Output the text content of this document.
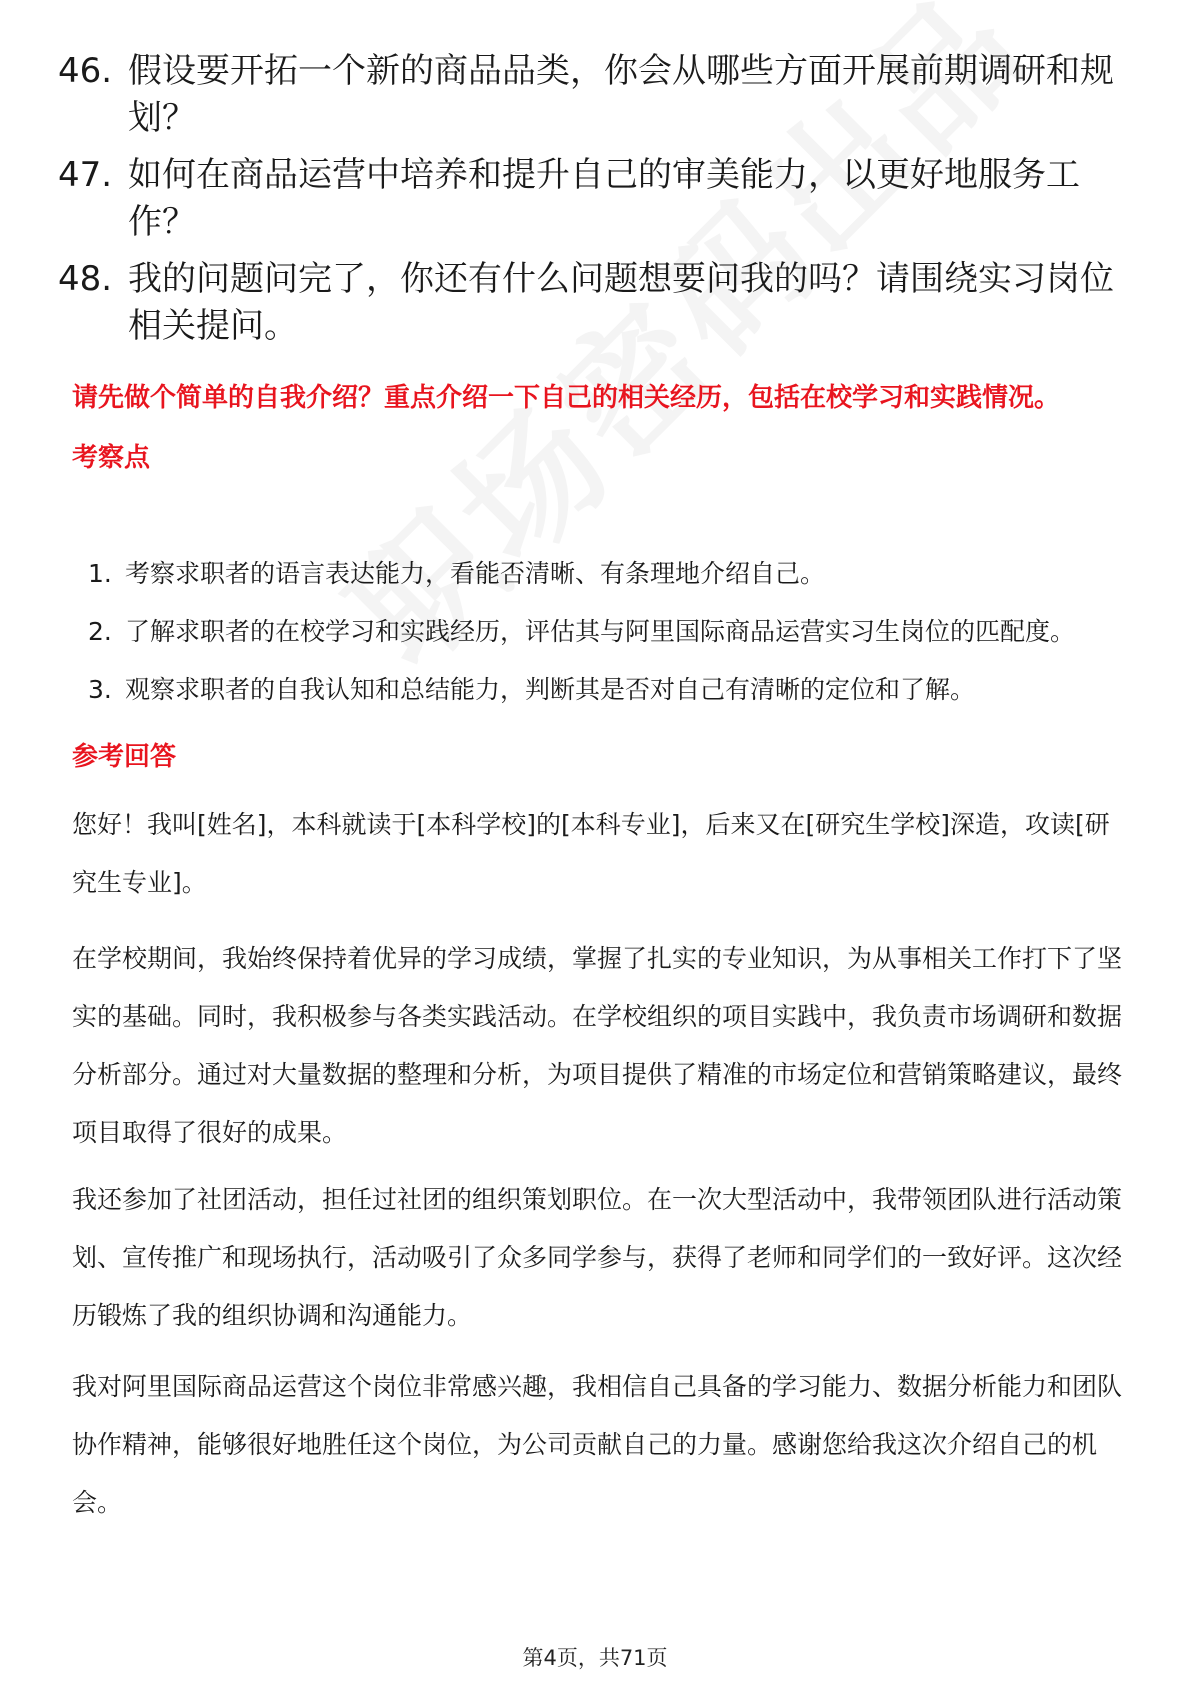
46. 假设要开拓一个新的商品品类，你会从哪些方面开展前期调研和规划？
47. 如何在商品运营中培养和提升自己的审美能力，以更好地服务工作？
48. 我的问题问完了，你还有什么问题想要问我的吗？请围绕实习岗位相关提问。
请先做个简单的自我介绍？重点介绍一下自己的相关经历，包括在校学习和实践情况。
考察点
1. 考察求职者的语言表达能力，看能否清晰、有条理地介绍自己。
2. 了解求职者的在校学习和实践经历，评估其与阿里国际商品运营实习生岗位的匹配度。
3. 观察求职者的自我认知和总结能力，判断其是否对自己有清晰的定位和了解。
参考回答
您好！我叫[姓名]，本科就读于[本科学校]的[本科专业]，后来又在[研究生学校]深造，攻读[研究生专业]。
在学校期间，我始终保持着优异的学习成绩，掌握了扎实的专业知识，为从事相关工作打下了坚实的基础。同时，我积极参与各类实践活动。在学校组织的项目实践中，我负责市场调研和数据分析部分。通过对大量数据的整理和分析，为项目提供了精准的市场定位和营销策略建议，最终项目取得了很好的成果。
我还参加了社团活动，担任过社团的组织策划职位。在一次大型活动中，我带领团队进行活动策划、宣传推广和现场执行，活动吸引了众多同学参与，获得了老师和同学们的一致好评。这次经历锻炼了我的组织协调和沟通能力。
我对阿里国际商品运营这个岗位非常感兴趣，我相信自己具备的学习能力、数据分析能力和团队协作精神，能够很好地胜任这个岗位，为公司贡献自己的力量。感谢您给我这次介绍自己的机会。
第4页，共71页
